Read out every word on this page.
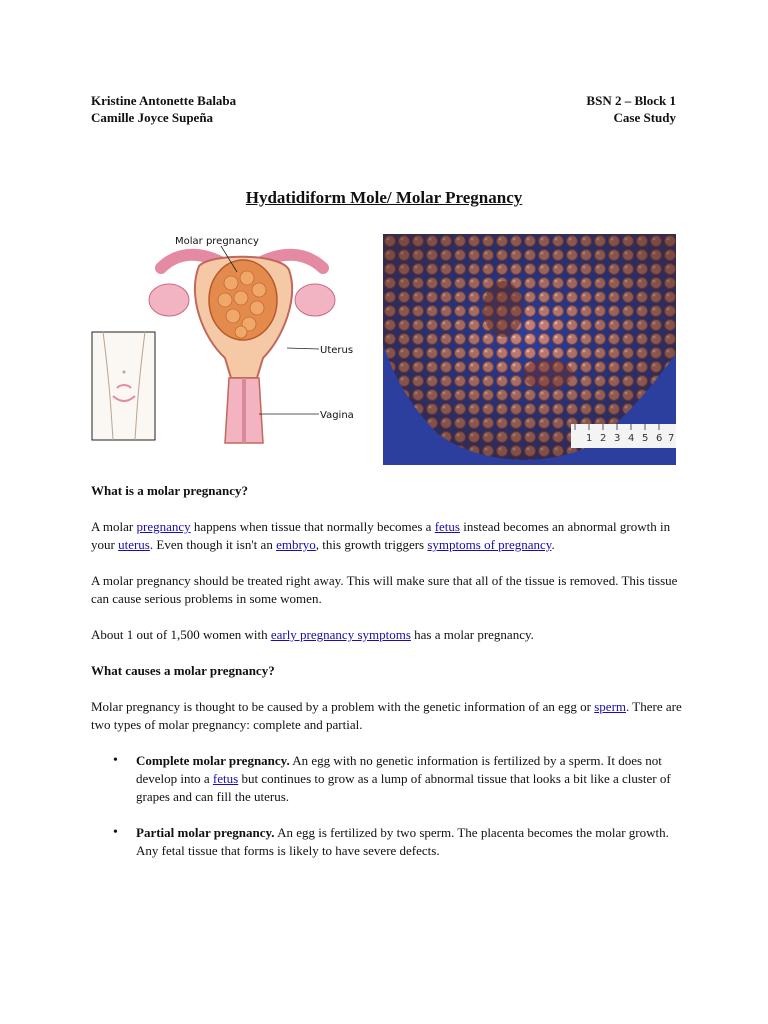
Kristine Antonette Balaba
Camille Joyce Supeña
BSN 2 – Block 1
Case Study
Hydatidiform Mole/ Molar Pregnancy
Molar pregnancy
Uterus
Vagina
1 2 3 4 5 6 7
What is a molar pregnancy?

A molar pregnancy happens when tissue that normally becomes a fetus instead becomes an abnormal growth in your uterus. Even though it isn't an embryo, this growth triggers symptoms of pregnancy.

A molar pregnancy should be treated right away. This will make sure that all of the tissue is removed. This tissue can cause serious problems in some women.

About 1 out of 1,500 women with early pregnancy symptoms has a molar pregnancy.

What causes a molar pregnancy?

Molar pregnancy is thought to be caused by a problem with the genetic information of an egg or sperm. There are two types of molar pregnancy: complete and partial.

• Complete molar pregnancy. An egg with no genetic information is fertilized by a sperm. It does not develop into a fetus but continues to grow as a lump of abnormal tissue that looks a bit like a cluster of grapes and can fill the uterus.
• Partial molar pregnancy. An egg is fertilized by two sperm. The placenta becomes the molar growth. Any fetal tissue that forms is likely to have severe defects.
